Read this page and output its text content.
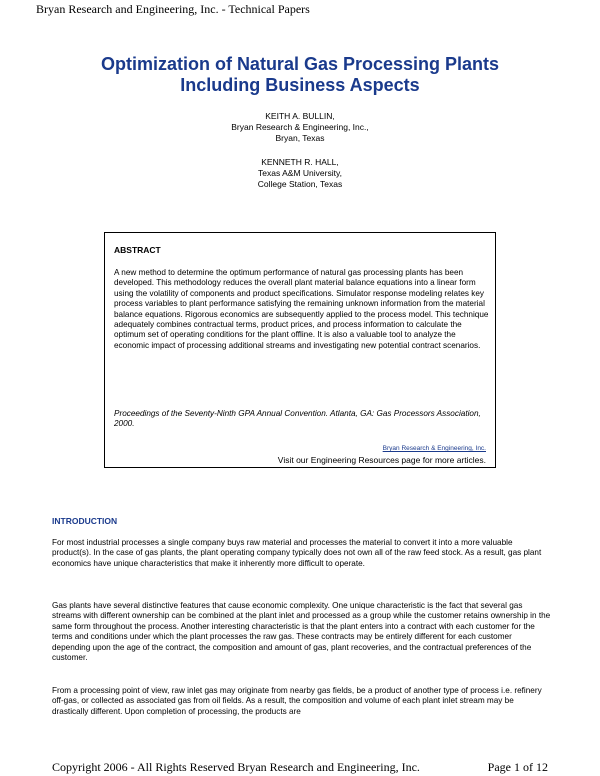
Bryan Research and Engineering, Inc. - Technical Papers
Optimization of Natural Gas Processing Plants
Including Business Aspects
KEITH A. BULLIN,
Bryan Research & Engineering, Inc.,
Bryan, Texas
KENNETH R. HALL,
Texas A&M University,
College Station, Texas
ABSTRACT
A new method to determine the optimum performance of natural gas processing plants has been developed. This methodology reduces the overall plant material balance equations into a linear form using the volatility of components and product specifications. Simulator response modeling relates key process variables to plant performance satisfying the remaining unknown information from the material balance equations. Rigorous economics are subsequently applied to the process model. This technique adequately combines contractual terms, product prices, and process information to calculate the optimum set of operating conditions for the plant offline. It is also a valuable tool to analyze the economic impact of processing additional streams and investigating new potential contract scenarios.
Proceedings of the Seventy-Ninth GPA Annual Convention. Atlanta, GA: Gas Processors Association, 2000.
Bryan Research & Engineering, Inc.
Visit our Engineering Resources page for more articles.
INTRODUCTION
For most industrial processes a single company buys raw material and processes the material to convert it into a more valuable product(s). In the case of gas plants, the plant operating company typically does not own all of the raw feed stock. As a result, gas plant economics have unique characteristics that make it inherently more difficult to operate.
Gas plants have several distinctive features that cause economic complexity. One unique characteristic is the fact that several gas streams with different ownership can be combined at the plant inlet and processed as a group while the customer retains ownership in the same form throughout the process. Another interesting characteristic is that the plant enters into a contract with each customer for the terms and conditions under which the plant processes the raw gas. These contracts may be entirely different for each customer depending upon the age of the contract, the composition and amount of gas, plant recoveries, and the contractual preferences of the customer.
From a processing point of view, raw inlet gas may originate from nearby gas fields, be a product of another type of process i.e. refinery off-gas, or collected as associated gas from oil fields. As a result, the composition and volume of each plant inlet stream may be drastically different. Upon completion of processing, the products are
Copyright 2006 - All Rights Reserved Bryan Research and Engineering, Inc.	Page 1 of 12
